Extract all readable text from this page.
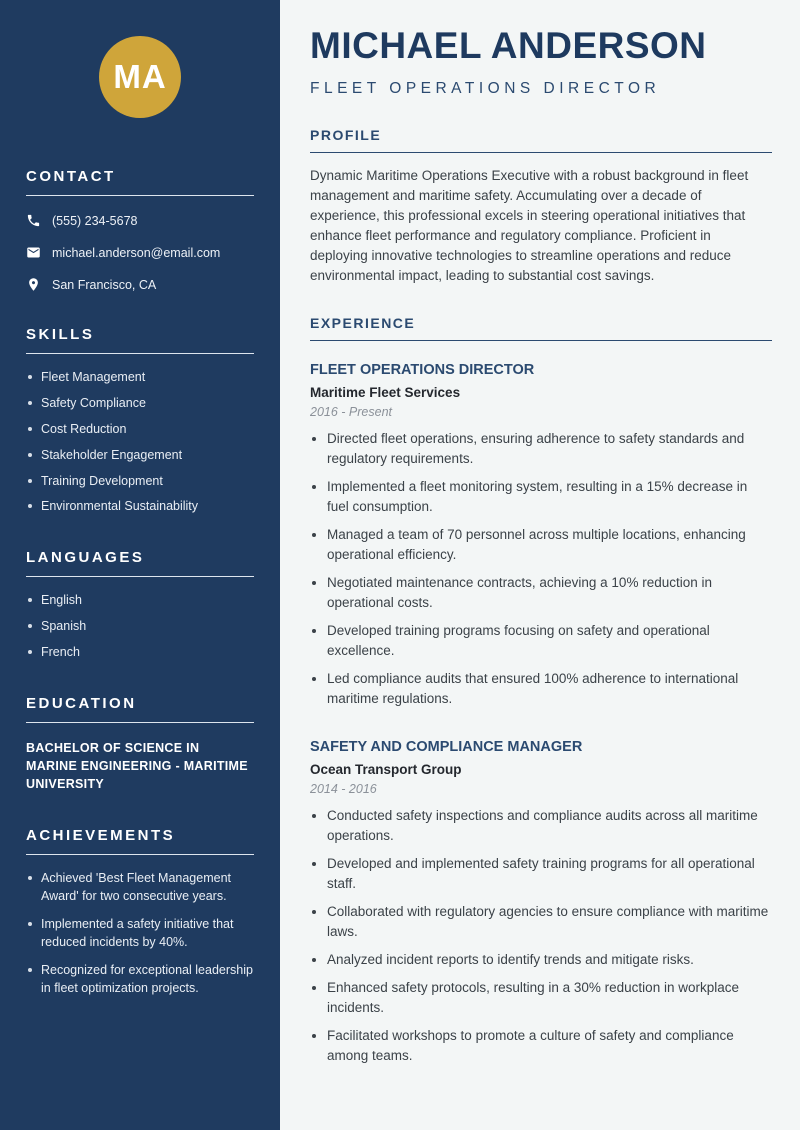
MA
CONTACT
(555) 234-5678
michael.anderson@email.com
San Francisco, CA
SKILLS
Fleet Management
Safety Compliance
Cost Reduction
Stakeholder Engagement
Training Development
Environmental Sustainability
LANGUAGES
English
Spanish
French
EDUCATION
BACHELOR OF SCIENCE IN MARINE ENGINEERING - MARITIME UNIVERSITY
ACHIEVEMENTS
Achieved 'Best Fleet Management Award' for two consecutive years.
Implemented a safety initiative that reduced incidents by 40%.
Recognized for exceptional leadership in fleet optimization projects.
MICHAEL ANDERSON
FLEET OPERATIONS DIRECTOR
PROFILE

Dynamic Maritime Operations Executive with a robust background in fleet management and maritime safety. Accumulating over a decade of experience, this professional excels in steering operational initiatives that enhance fleet performance and regulatory compliance. Proficient in deploying innovative technologies to streamline operations and reduce environmental impact, leading to substantial cost savings.

EXPERIENCE
FLEET OPERATIONS DIRECTOR
Maritime Fleet Services
2016 - Present
• Directed fleet operations, ensuring adherence to safety standards and regulatory requirements.
• Implemented a fleet monitoring system, resulting in a 15% decrease in fuel consumption.
• Managed a team of 70 personnel across multiple locations, enhancing operational efficiency.
• Negotiated maintenance contracts, achieving a 10% reduction in operational costs.
• Developed training programs focusing on safety and operational excellence.
• Led compliance audits that ensured 100% adherence to international maritime regulations.
SAFETY AND COMPLIANCE MANAGER
Ocean Transport Group
2014 - 2016
• Conducted safety inspections and compliance audits across all maritime operations.
• Developed and implemented safety training programs for all operational staff.
• Collaborated with regulatory agencies to ensure compliance with maritime laws.
• Analyzed incident reports to identify trends and mitigate risks.
• Enhanced safety protocols, resulting in a 30% reduction in workplace incidents.
• Facilitated workshops to promote a culture of safety and compliance among teams.
